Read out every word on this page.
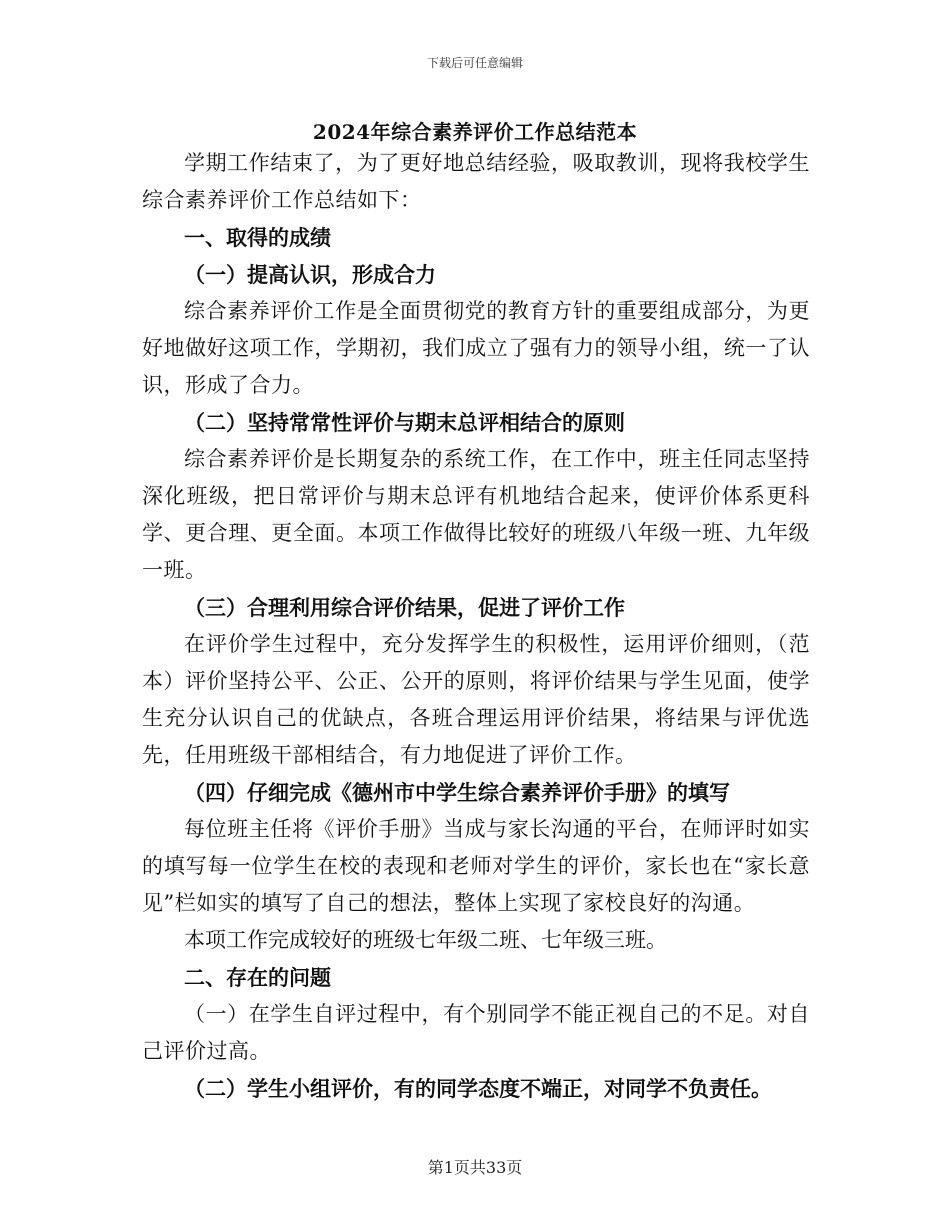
下载后可任意编辑
2024年综合素养评价工作总结范本

学期工作结束了，为了更好地总结经验，吸取教训，现将我校学生综合素养评价工作总结如下：

一、取得的成绩

（一）提高认识，形成合力

综合素养评价工作是全面贯彻党的教育方针的重要组成部分，为更好地做好这项工作，学期初，我们成立了强有力的领导小组，统一了认识，形成了合力。

（二）坚持常常性评价与期末总评相结合的原则

综合素养评价是长期复杂的系统工作，在工作中，班主任同志坚持深化班级，把日常评价与期末总评有机地结合起来，使评价体系更科学、更合理、更全面。本项工作做得比较好的班级八年级一班、九年级一班。

（三）合理利用综合评价结果，促进了评价工作

在评价学生过程中，充分发挥学生的积极性，运用评价细则，（范本）评价坚持公平、公正、公开的原则，将评价结果与学生见面，使学生充分认识自己的优缺点，各班合理运用评价结果，将结果与评优选先，任用班级干部相结合，有力地促进了评价工作。

（四）仔细完成《德州市中学生综合素养评价手册》的填写

每位班主任将《评价手册》当成与家长沟通的平台，在师评时如实的填写每一位学生在校的表现和老师对学生的评价，家长也在“家长意见”栏如实的填写了自己的想法，整体上实现了家校良好的沟通。

本项工作完成较好的班级七年级二班、七年级三班。

二、存在的问题

（一）在学生自评过程中，有个别同学不能正视自己的不足。对自己评价过高。

（二）学生小组评价，有的同学态度不端正，对同学不负责任。

第1页共33页
